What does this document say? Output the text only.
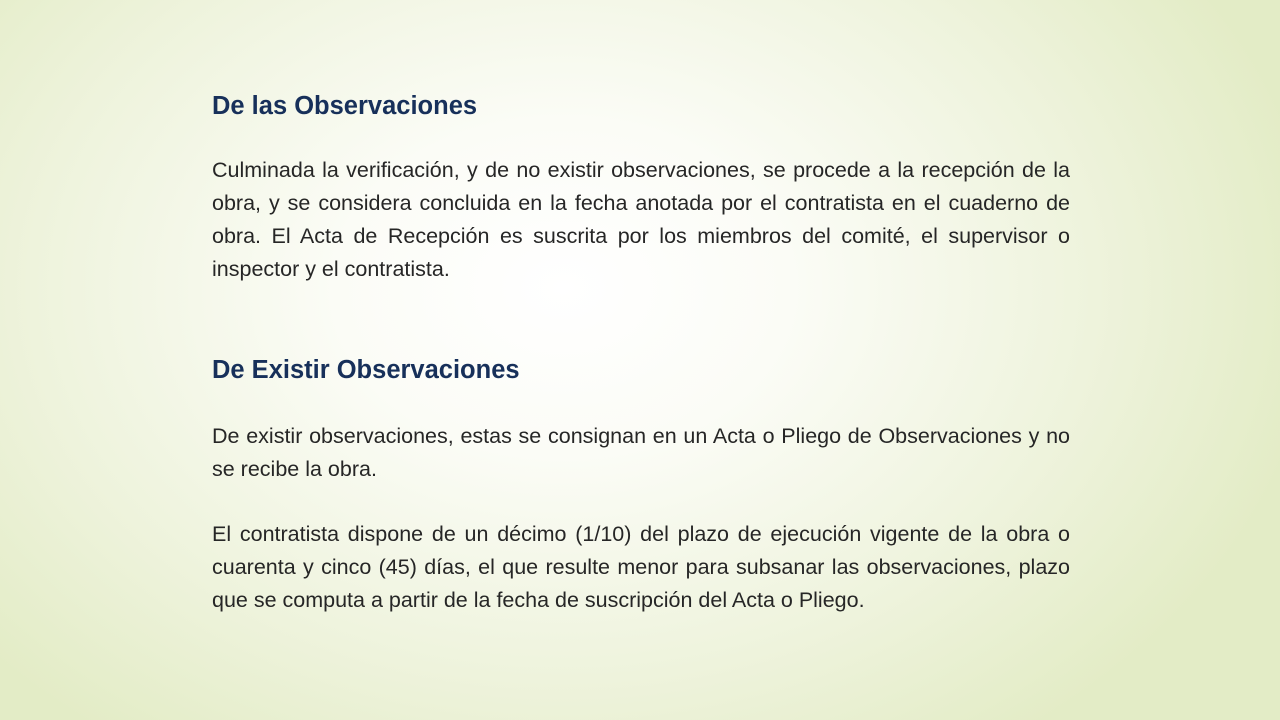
De las Observaciones

Culminada la verificación, y de no existir observaciones, se procede a la recepción de la obra, y se considera concluida en la fecha anotada por el contratista en el cuaderno de obra. El Acta de Recepción es suscrita por los miembros del comité, el supervisor o inspector y el contratista.

De Existir Observaciones

De existir observaciones, estas se consignan en un Acta o Pliego de Observaciones y no se recibe la obra.

El contratista dispone de un décimo (1/10) del plazo de ejecución vigente de la obra o cuarenta y cinco (45) días, el que resulte menor para subsanar las observaciones, plazo que se computa a partir de la fecha de suscripción del Acta o Pliego.
